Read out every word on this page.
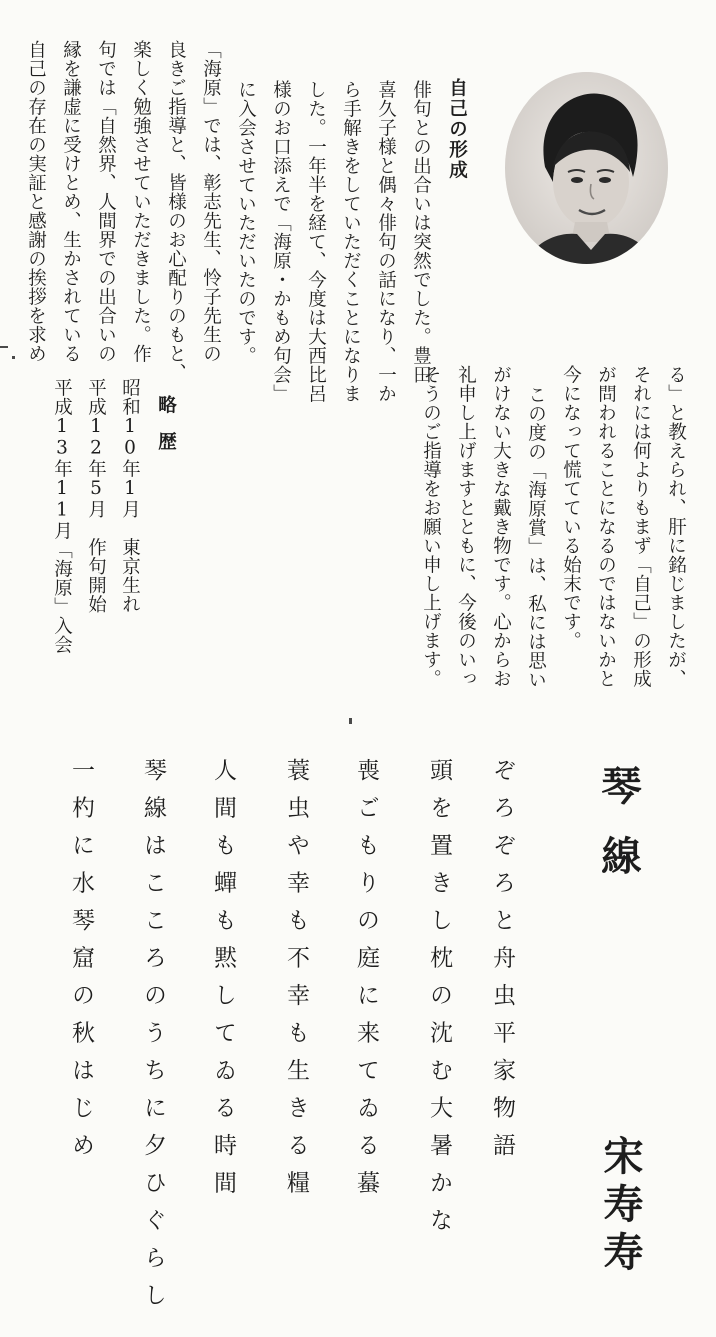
自己の形成
俳句との出合いは突然でした。豊田
喜久子様と偶々俳句の話になり、一か
ら手解きをしていただくことになりま
した。一年半を経て、今度は大西比呂
様のお口添えで「海原・かもめ句会」
に入会させていただいたのです。
「海原」では、彰志先生、怜子先生の
良きご指導と、皆様のお心配りのもと、
楽しく勉強させていただきました。作
句では「自然界、人間界での出合いの
縁を謙虚に受けとめ、生かされている
自己の存在の実証と感謝の挨拶を求め
る」と教えられ、肝に銘じましたが、
それには何よりもまず「自己」の形成
が問われることになるのではないかと
今になって慌てている始末です。
この度の「海原賞」は、私には思い
がけない大きな戴き物です。心からお
礼申し上げますとともに、今後のいっ
そうのご指導をお願い申し上げます。
略歴
昭和10年1月　東京生れ
平成12年5月　作句開始
平成13年11月「海原」入会
琴線
宋寿寿
ぞろぞろと舟虫平家物語
頭を置きし枕の沈む大暑かな
喪ごもりの庭に来てゐる蟇
蓑虫や幸も不幸も生きる糧
人間も蟬も黙してゐる時間
琴線はこころのうちに夕ひぐらし
一杓に水琴窟の秋はじめ
